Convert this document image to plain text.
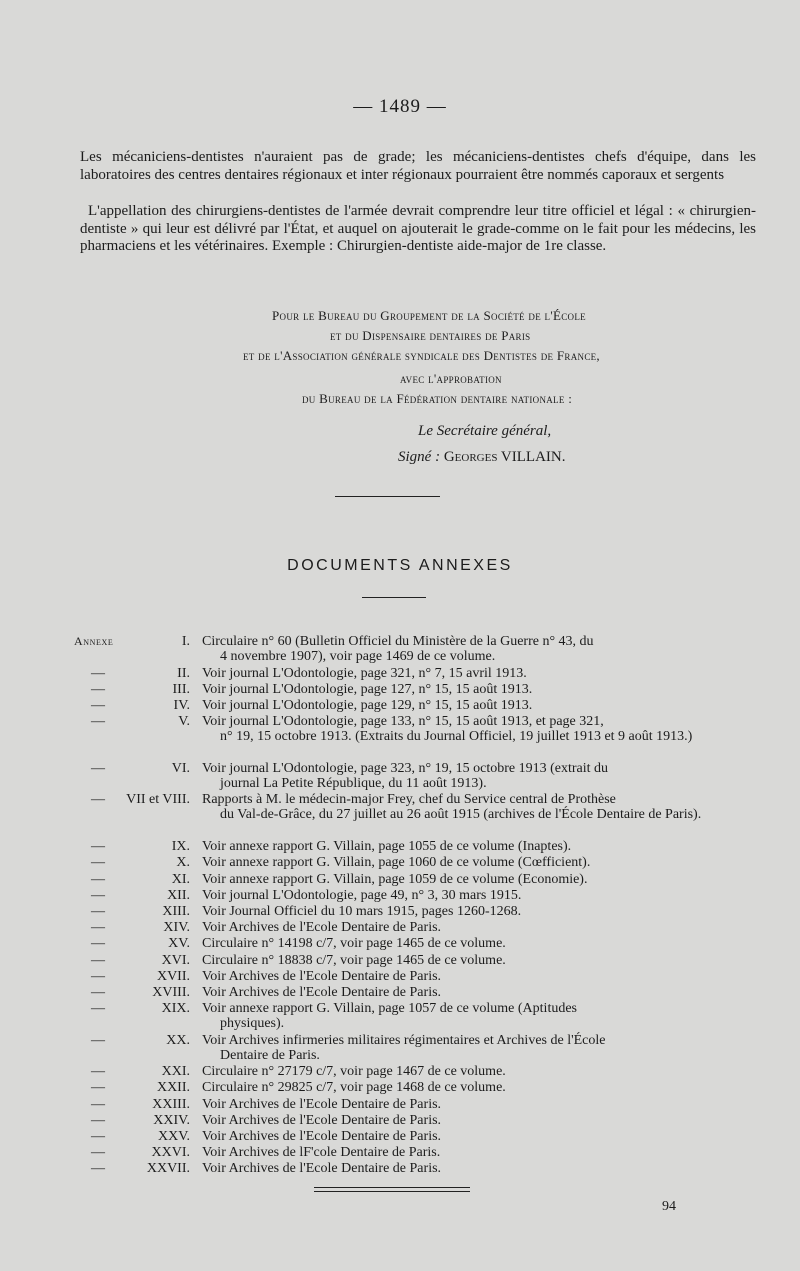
— 1489 —

Les mécaniciens-dentistes n'auraient pas de grade; les mécaniciens-dentistes chefs d'équipe, dans les laboratoires des centres dentaires régionaux et inter régionaux pourraient être nommés caporaux et sergents

L'appellation des chirurgiens-dentistes de l'armée devrait comprendre leur titre officiel et légal : « chirurgien-dentiste » qui leur est délivré par l'État, et auquel on ajouterait le grade-comme on le fait pour les médecins, les pharmaciens et les vétérinaires. Exemple : Chirurgien-dentiste aide-major de 1re classe.

Pour le Bureau du Groupement de la Société de l'École
et du Dispensaire dentaires de Paris
et de l'Association générale syndicale des Dentistes de France,
avec l'approbation
du Bureau de la Fédération dentaire nationale :
Le Secrétaire général,
Signé : Georges VILLAIN.
DOCUMENTS ANNEXES
Annexe	I. Circulaire n° 60 (Bulletin Officiel du Ministère de la Guerre n° 43, du
4 novembre 1907), voir page 1469 de ce volume.
—	II. Voir journal L'Odontologie, page 321, n° 7, 15 avril 1913.
—	III. Voir journal L'Odontologie, page 127, n° 15, 15 août 1913.
—	IV. Voir journal L'Odontologie, page 129, n° 15, 15 août 1913.
—	V. Voir journal L'Odontologie, page 133, n° 15, 15 août 1913, et page 321,
n° 19, 15 octobre 1913. (Extraits du Journal Officiel, 19 juillet 1913 et 9 août 1913.)
—	VI. Voir journal L'Odontologie, page 323, n° 19, 15 octobre 1913 (extrait du
journal La Petite République, du 11 août 1913).
— VII et VIII. Rapports à M. le médecin-major Frey, chef du Service central de Prothèse
du Val-de-Grâce, du 27 juillet au 26 août 1915 (archives de l'École Dentaire de Paris).
—	IX. Voir annexe rapport G. Villain, page 1055 de ce volume (Inaptes).
—	X. Voir annexe rapport G. Villain, page 1060 de ce volume (Cœfficient).
—	XI. Voir annexe rapport G. Villain, page 1059 de ce volume (Economie).
—	XII. Voir journal L'Odontologie, page 49, n° 3, 30 mars 1915.
—	XIII. Voir Journal Officiel du 10 mars 1915, pages 1260-1268.
—	XIV. Voir Archives de l'Ecole Dentaire de Paris.
—	XV. Circulaire n° 14198 c/7, voir page 1465 de ce volume.
—	XVI. Circulaire n° 18838 c/7, voir page 1465 de ce volume.
—	XVII. Voir Archives de l'Ecole Dentaire de Paris.
—	XVIII. Voir Archives de l'Ecole Dentaire de Paris.
—	XIX. Voir annexe rapport G. Villain, page 1057 de ce volume (Aptitudes
physiques).
—	XX. Voir Archives infirmeries militaires régimentaires et Archives de l'École
Dentaire de Paris.
—	XXI. Circulaire n° 27179 c/7, voir page 1467 de ce volume.
—	XXII. Circulaire n° 29825 c/7, voir page 1468 de ce volume.
—	XXIII. Voir Archives de l'Ecole Dentaire de Paris.
—	XXIV. Voir Archives de l'Ecole Dentaire de Paris.
—	XXV. Voir Archives de l'Ecole Dentaire de Paris.
—	XXVI. Voir Archives de lF'cole Dentaire de Paris.
—	XXVII. Voir Archives de l'Ecole Dentaire de Paris.
94
